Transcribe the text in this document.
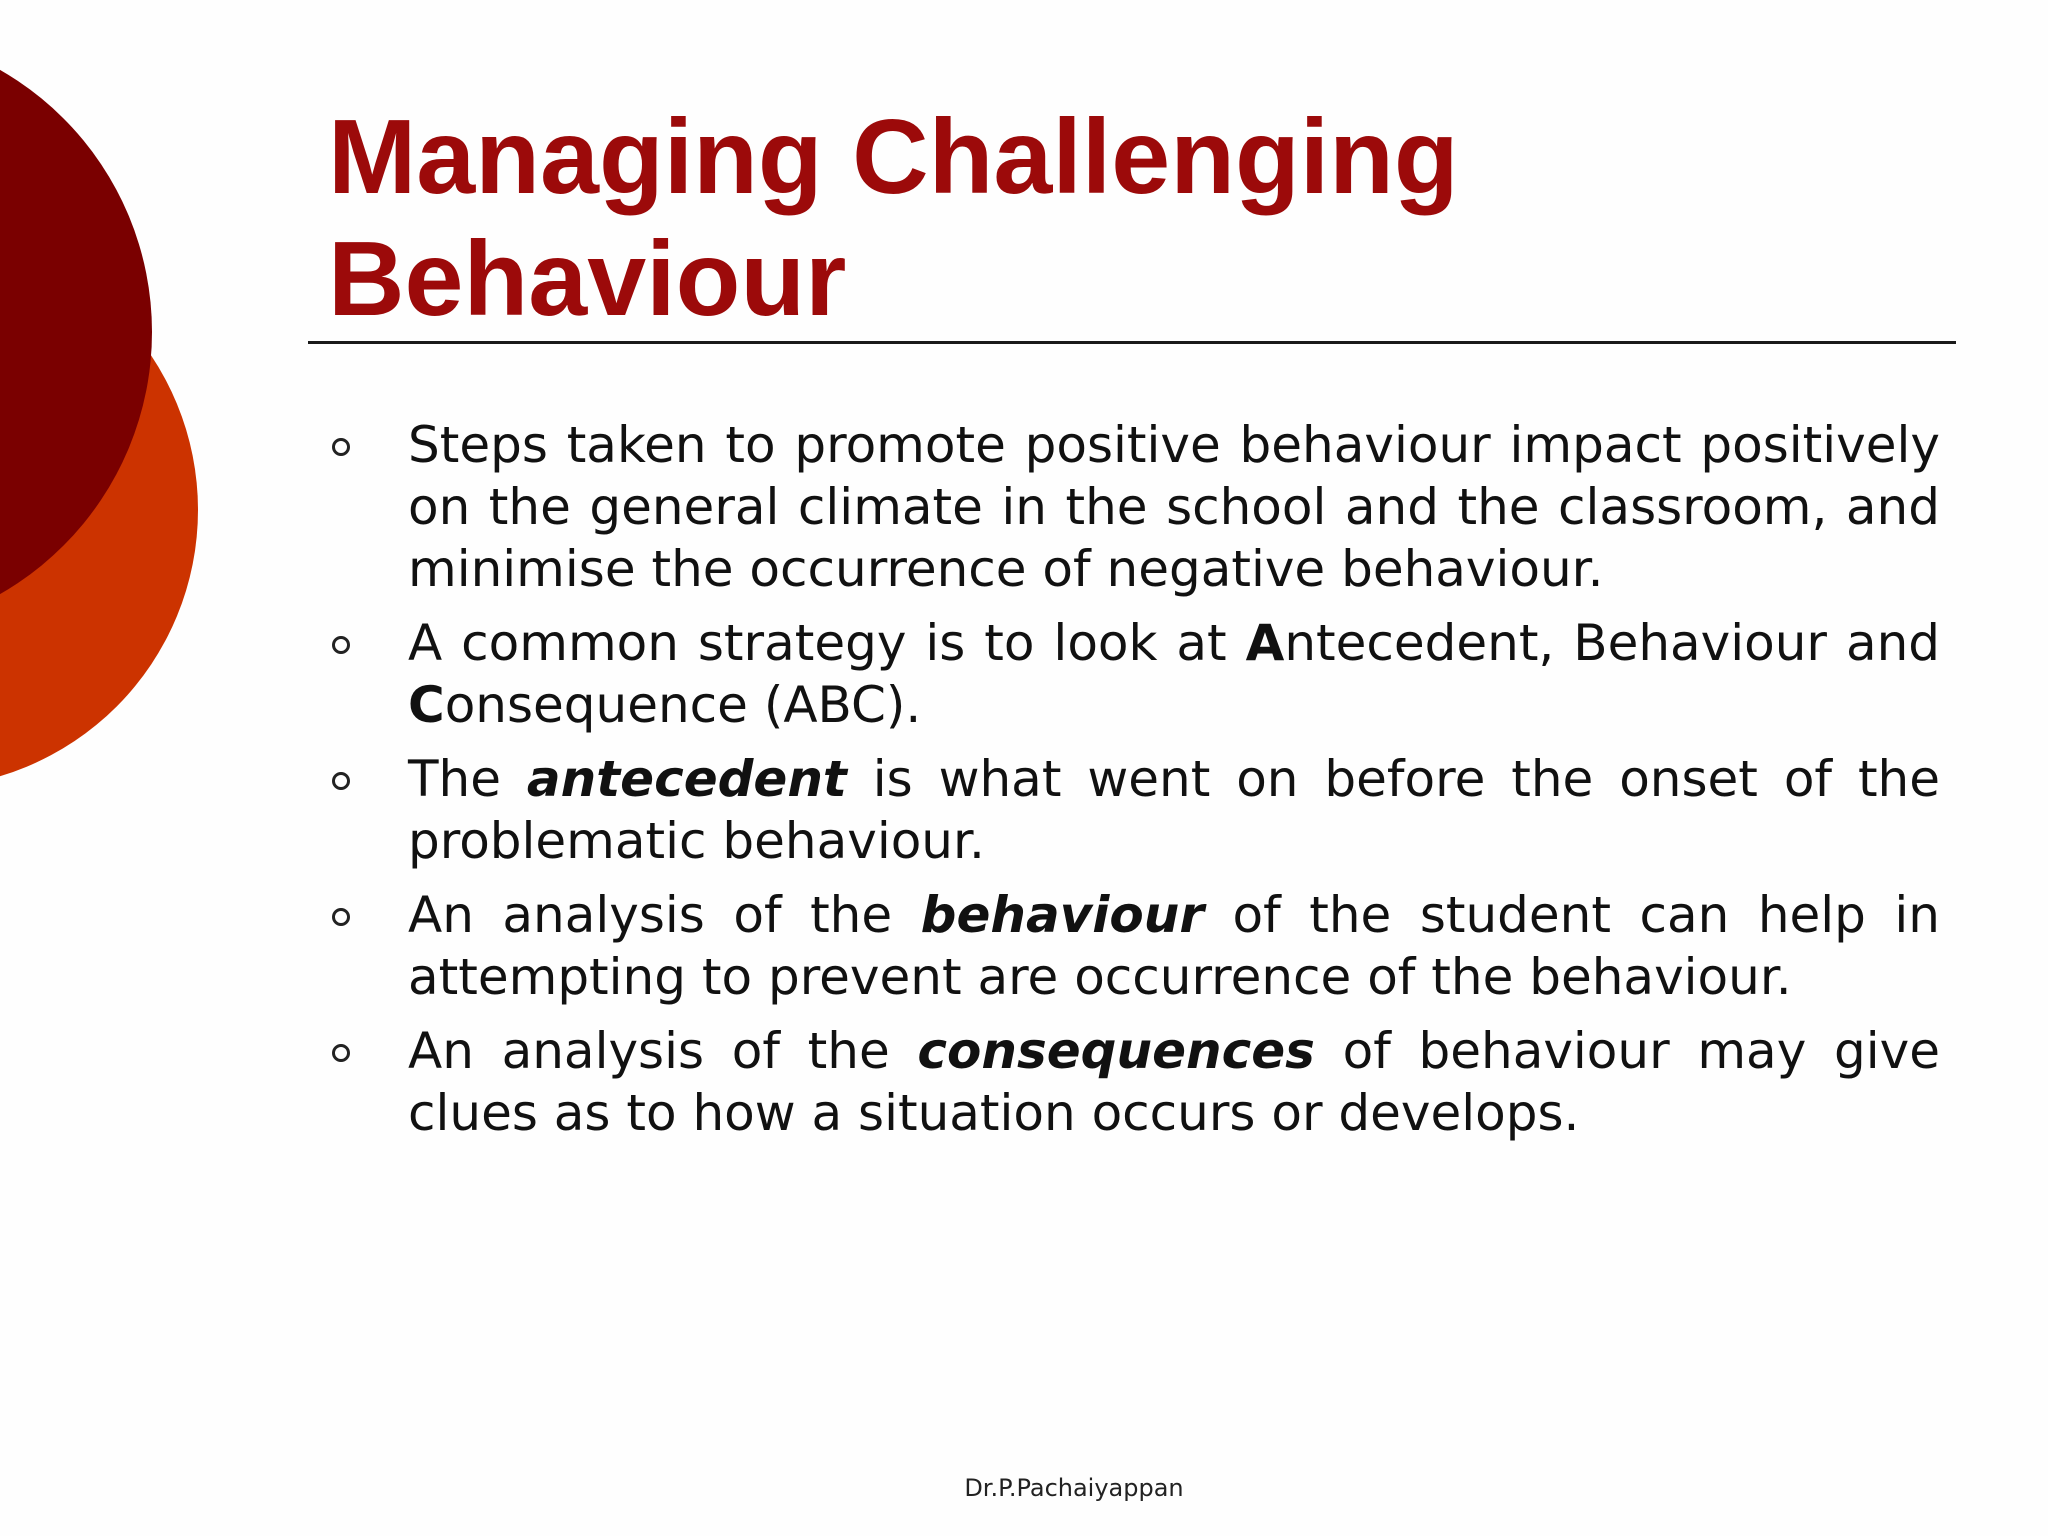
Managing Challenging
Behaviour
Steps taken to promote positive behaviour impact positively on the general climate in the school and the classroom, and minimise the occurrence of negative behaviour.
A common strategy is to look at Antecedent, Behaviour and Consequence (ABC).
The antecedent is what went on before the onset of the problematic behaviour.
An analysis of the behaviour of the student can help in attempting to prevent are occurrence of the behaviour.
An analysis of the consequences of behaviour may give clues as to how a situation occurs or develops.
Dr.P.Pachaiyappan
